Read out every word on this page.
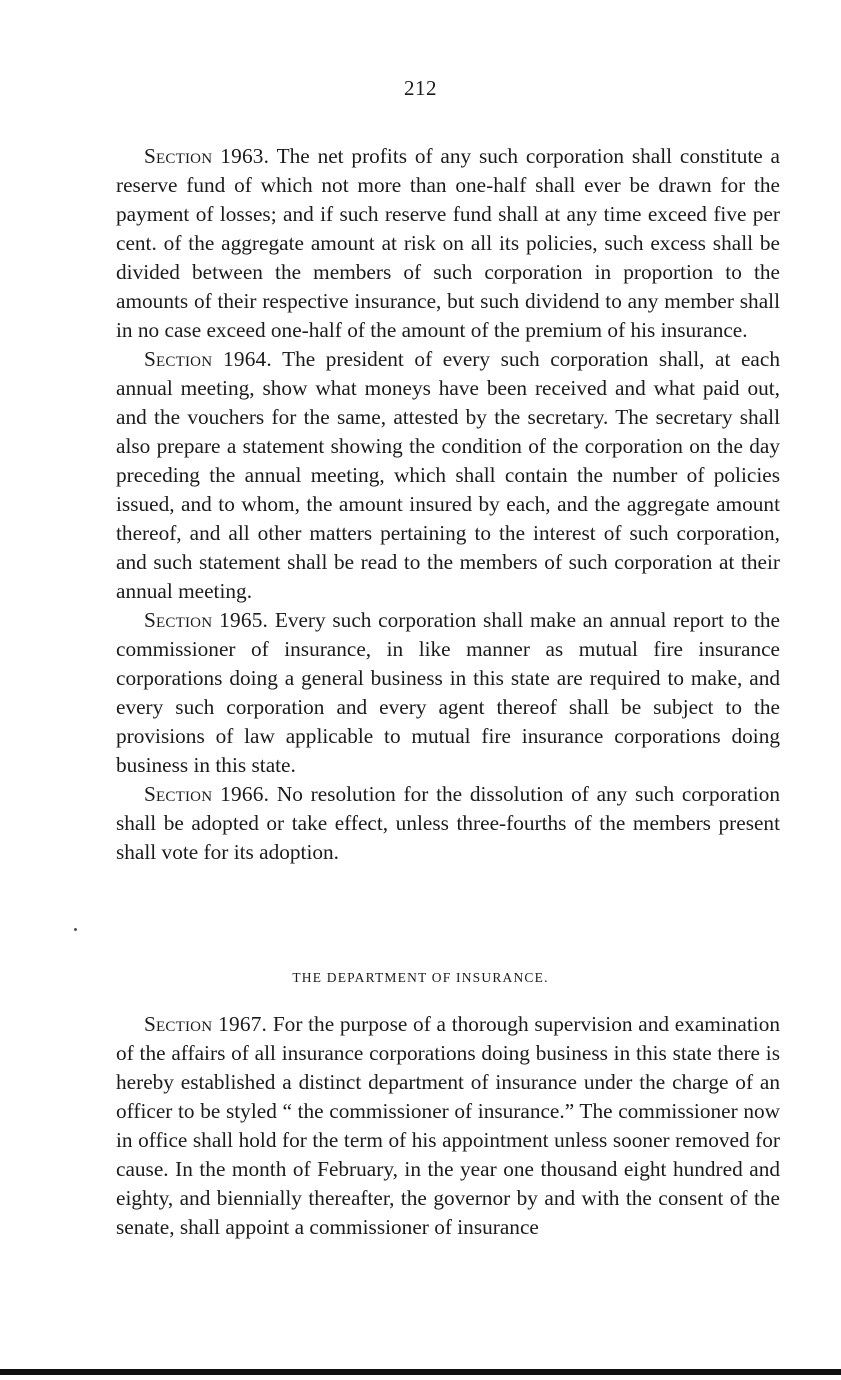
212

Section 1963. The net profits of any such corporation shall constitute a reserve fund of which not more than one-half shall ever be drawn for the payment of losses; and if such reserve fund shall at any time exceed five per cent. of the aggregate amount at risk on all its policies, such excess shall be divided between the members of such corporation in proportion to the amounts of their respective insurance, but such dividend to any member shall in no case exceed one-half of the amount of the premium of his insurance.

Section 1964. The president of every such corporation shall, at each annual meeting, show what moneys have been received and what paid out, and the vouchers for the same, attested by the secretary. The secretary shall also prepare a statement showing the condition of the corporation on the day preceding the annual meeting, which shall contain the number of policies issued, and to whom, the amount insured by each, and the aggregate amount thereof, and all other matters pertaining to the interest of such corporation, and such statement shall be read to the members of such corporation at their annual meeting.

Section 1965. Every such corporation shall make an annual report to the commissioner of insurance, in like manner as mutual fire insurance corporations doing a general business in this state are required to make, and every such corporation and every agent thereof shall be subject to the provisions of law applicable to mutual fire insurance corporations doing business in this state.

Section 1966. No resolution for the dissolution of any such corporation shall be adopted or take effect, unless three-fourths of the members present shall vote for its adoption.

THE DEPARTMENT OF INSURANCE.

Section 1967. For the purpose of a thorough supervision and examination of the affairs of all insurance corporations doing business in this state there is hereby established a distinct department of insurance under the charge of an officer to be styled “ the commissioner of insurance.” The commissioner now in office shall hold for the term of his appointment unless sooner removed for cause. In the month of February, in the year one thousand eight hundred and eighty, and biennially thereafter, the governor by and with the consent of the senate, shall appoint a commissioner of insurance
